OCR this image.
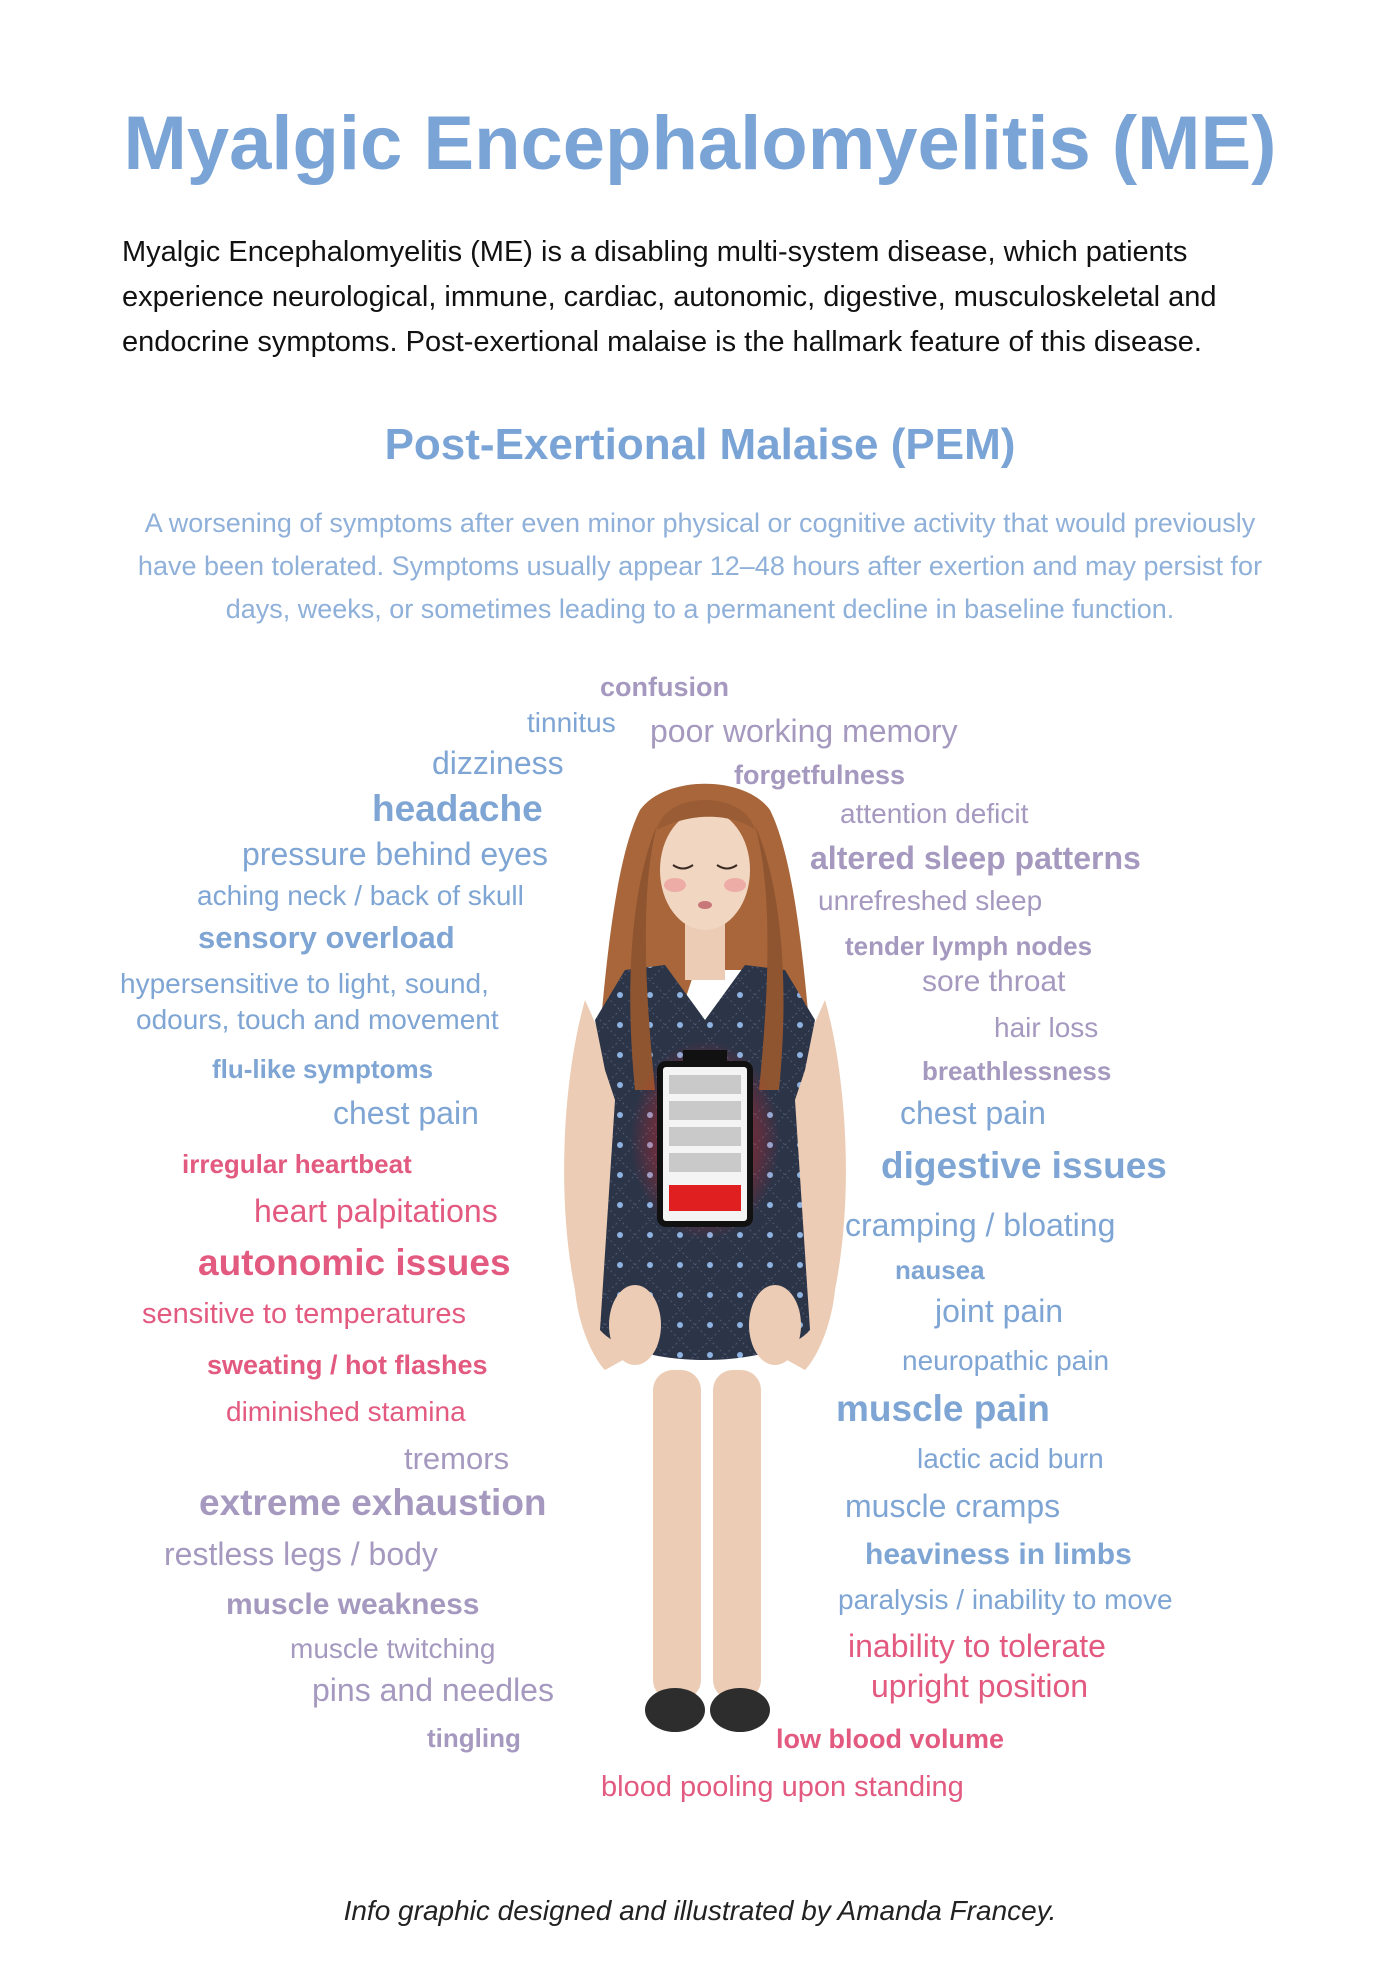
Myalgic Encephalomyelitis (ME)
Myalgic Encephalomyelitis (ME) is a disabling multi-system disease, which patients
experience neurological, immune, cardiac, autonomic, digestive, musculoskeletal and
endocrine symptoms. Post-exertional malaise is the hallmark feature of this disease.
Post-Exertional Malaise (PEM)
A worsening of symptoms after even minor physical or cognitive activity that would previously
have been tolerated. Symptoms usually appear 12–48 hours after exertion and may persist for
days, weeks, or sometimes leading to a permanent decline in baseline function.
confusion
tinnitus poor working memory
dizziness	forgetfulness
headache	attention deficit
pressure behind eyes	altered sleep patterns
aching neck / back of skull	unrefreshed sleep
sensory overload	tender lymph nodes
hypersensitive to light, sound,	sore throat
odours, touch and movement	hair loss
flu-like symptoms	breathlessness
chest pain	chest pain
irregular heartbeat	digestive issues
heart palpitations	cramping / bloating
autonomic issues	nausea
sensitive to temperatures	joint pain
sweating / hot flashes	neuropathic pain
diminished stamina	muscle pain
tremors	lactic acid burn
extreme exhaustion	muscle cramps
restless legs / body	heaviness in limbs
paralysis / inability to move
muscle weakness
inability to tolerate
muscle twitching
upright position
pins and needles
tingling	low blood volume
blood pooling upon standing
Info graphic designed and illustrated by Amanda Francey.
